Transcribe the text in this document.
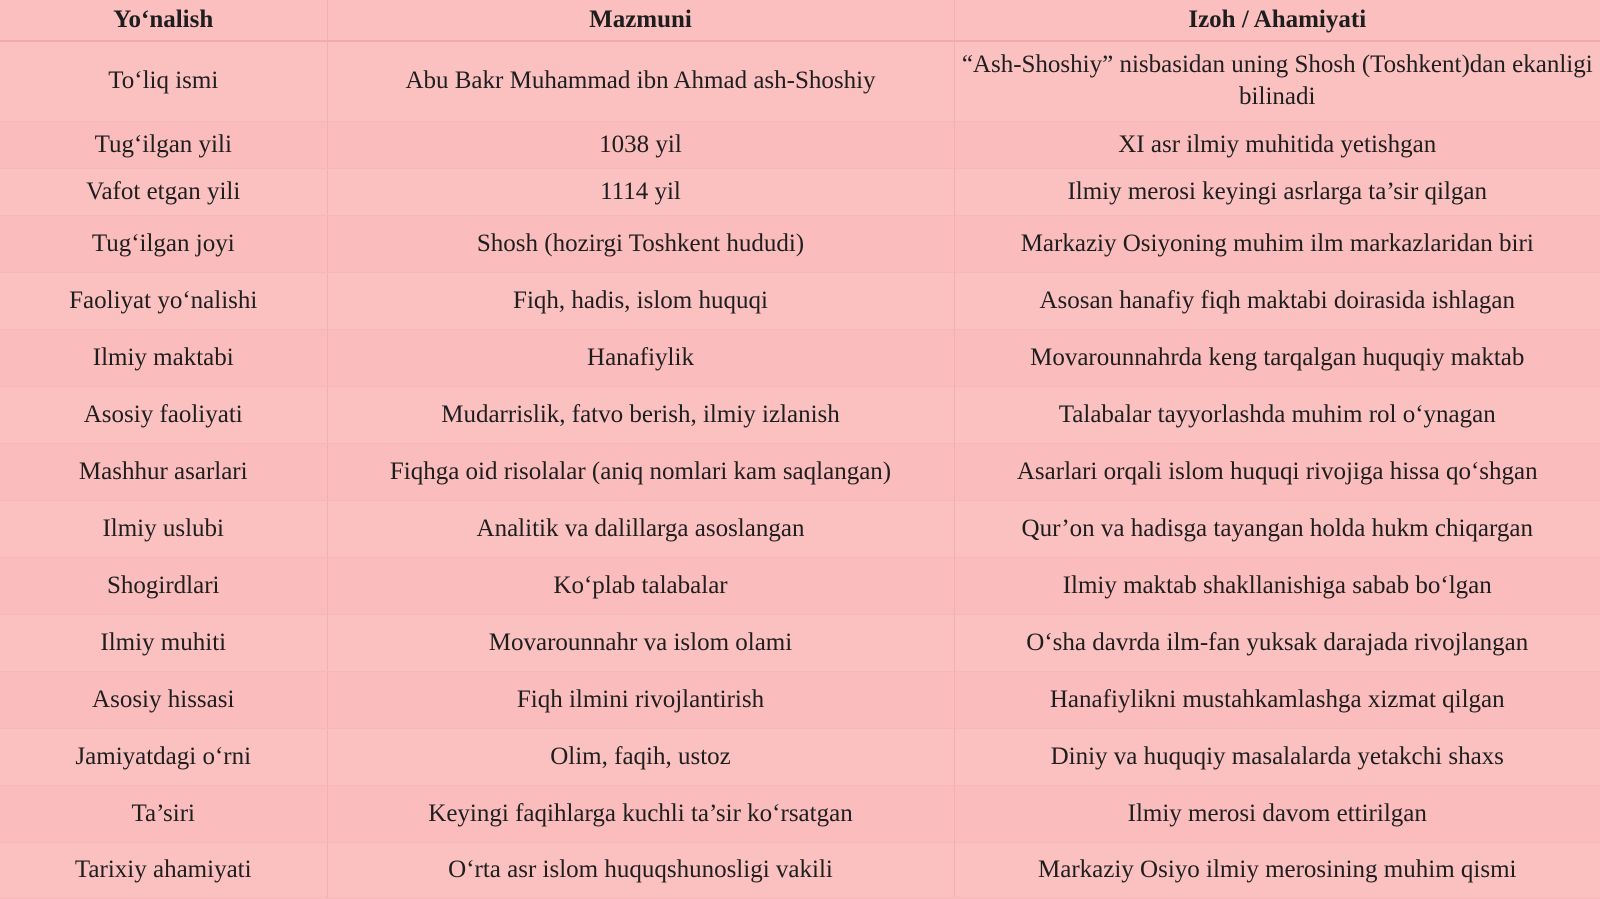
Yo‘nalish	Mazmuni	Izoh / Ahamiyati
To‘liq ismi	Abu Bakr Muhammad ibn Ahmad ash-Shoshiy	“Ash-Shoshiy” nisbasidan uning Shosh (Toshkent)dan ekanligi bilinadi
Tug‘ilgan yili	1038 yil	XI asr ilmiy muhitida yetishgan
Vafot etgan yili	1114 yil	Ilmiy merosi keyingi asrlarga ta’sir qilgan
Tug‘ilgan joyi	Shosh (hozirgi Toshkent hududi)	Markaziy Osiyoning muhim ilm markazlaridan biri
Faoliyat yo‘nalishi	Fiqh, hadis, islom huquqi	Asosan hanafiy fiqh maktabi doirasida ishlagan
Ilmiy maktabi	Hanafiylik	Movarounnahrda keng tarqalgan huquqiy maktab
Asosiy faoliyati	Mudarrislik, fatvo berish, ilmiy izlanish	Talabalar tayyorlashda muhim rol o‘ynagan
Mashhur asarlari	Fiqhga oid risolalar (aniq nomlari kam saqlangan)	Asarlari orqali islom huquqi rivojiga hissa qo‘shgan
Ilmiy uslubi	Analitik va dalillarga asoslangan	Qur’on va hadisga tayangan holda hukm chiqargan
Shogirdlari	Ko‘plab talabalar	Ilmiy maktab shakllanishiga sabab bo‘lgan
Ilmiy muhiti	Movarounnahr va islom olami	O‘sha davrda ilm-fan yuksak darajada rivojlangan
Asosiy hissasi	Fiqh ilmini rivojlantirish	Hanafiylikni mustahkamlashga xizmat qilgan
Jamiyatdagi o‘rni	Olim, faqih, ustoz	Diniy va huquqiy masalalarda yetakchi shaxs
Ta’siri	Keyingi faqihlarga kuchli ta’sir ko‘rsatgan	Ilmiy merosi davom ettirilgan
Tarixiy ahamiyati	O‘rta asr islom huquqshunosligi vakili	Markaziy Osiyo ilmiy merosining muhim qismi
